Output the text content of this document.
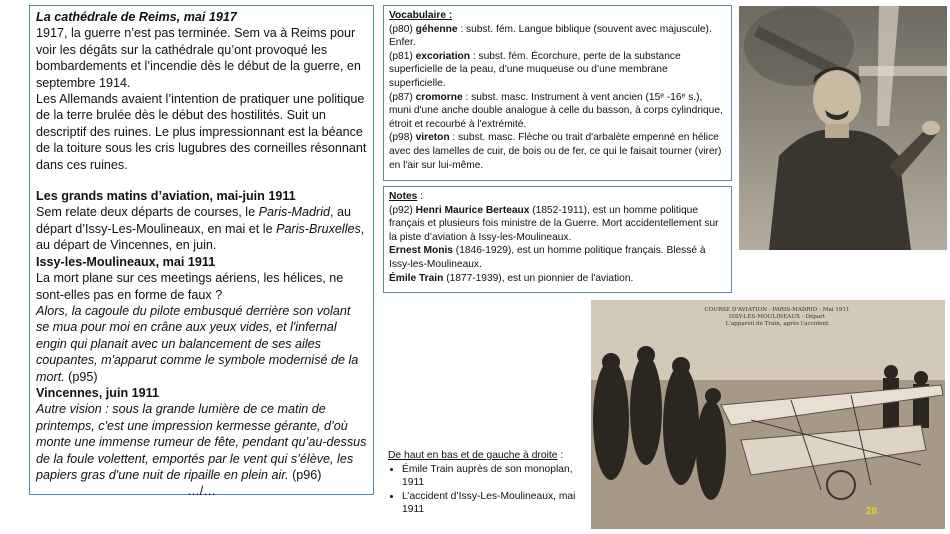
La cathédrale de Reims, mai 1917

1917, la guerre n’est pas terminée. Sem va à Reims pour voir les dégâts sur la cathédrale qu’ont provoqué les bombardements et l’incendie dès le début de la guerre, en septembre 1914.

Les Allemands avaient l’intention de pratiquer une politique de la terre brulée dès le début des hostilités. Suit un descriptif des ruines. Le plus impressionnant est la béance de la toiture sous les cris lugubres des corneilles résonnant dans ces ruines.

Les grands matins d’aviation, mai-juin 1911

Sem relate deux départs de courses, le Paris-Madrid, au départ d’Issy-Les-Moulineaux, en mai et le Paris-Bruxelles, au départ de Vincennes, en juin.

Issy-les-Moulineaux, mai 1911

La mort plane sur ces meetings aériens, les hélices, ne sont-elles pas en forme de faux ?

Alors, la cagoule du pilote embusqué derrière son volant se mua pour moi en crâne aux yeux vides, et l'infernal engin qui planait avec un balancement de ses ailes coupantes, m'apparut comme le symbole modernisé de la mort. (p95)

Vincennes, juin 1911

Autre vision : sous la grande lumière de ce matin de printemps, c'est une impression kermesse gérante, d’où monte une immense rumeur de fête, pendant qu’au-dessus de la foule volettent, emportés par le vent qui s’élève, les papiers gras d'une nuit de ripaille en plein air. (p96)

…/…

Vocabulaire :

(p80) géhenne : subst. fém. Langue biblique (souvent avec majuscule). Enfer.

(p81) excoriation : subst. fém. Écorchure, perte de la substance superficielle de la peau, d’une muqueuse ou d’une membrane superficielle.

(p87) cromorne : subst. masc. Instrument à vent ancien (15ᵉ -16ᵉ s.), muni d'une anche double analogue à celle du basson, à corps cylindrique, étroit et recourbé à l'extrémité.

(p98) vireton : subst. masc. Flèche ou trait d'arbalète empenné en hélice avec des lamelles de cuir, de bois ou de fer, ce qui le faisait tourner (virer) en l'air sur lui-même.

Notes :

(p92) Henri Maurice Berteaux (1852-1911), est un homme politique français et plusieurs fois ministre de la Guerre. Mort accidentellement sur la piste d’aviation à Issy-les-Moulineaux.

Ernest Monis (1846-1929), est un homme politique français. Blessé à Issy-les-Moulineaux.

Émile Train (1877-1939), est un pionnier de l'aviation.

COURSE D'AVIATION - PARIS-MADRID - Mai 1911
ISSY-LES-MOULINEAUX - Départ
L'appareil de Train, après l'accident
28

De haut en bas et de gauche à droite :

• Émile Train auprès de son monoplan, 1911
• L’accident d’Issy-Les-Moulineaux, mai 1911
